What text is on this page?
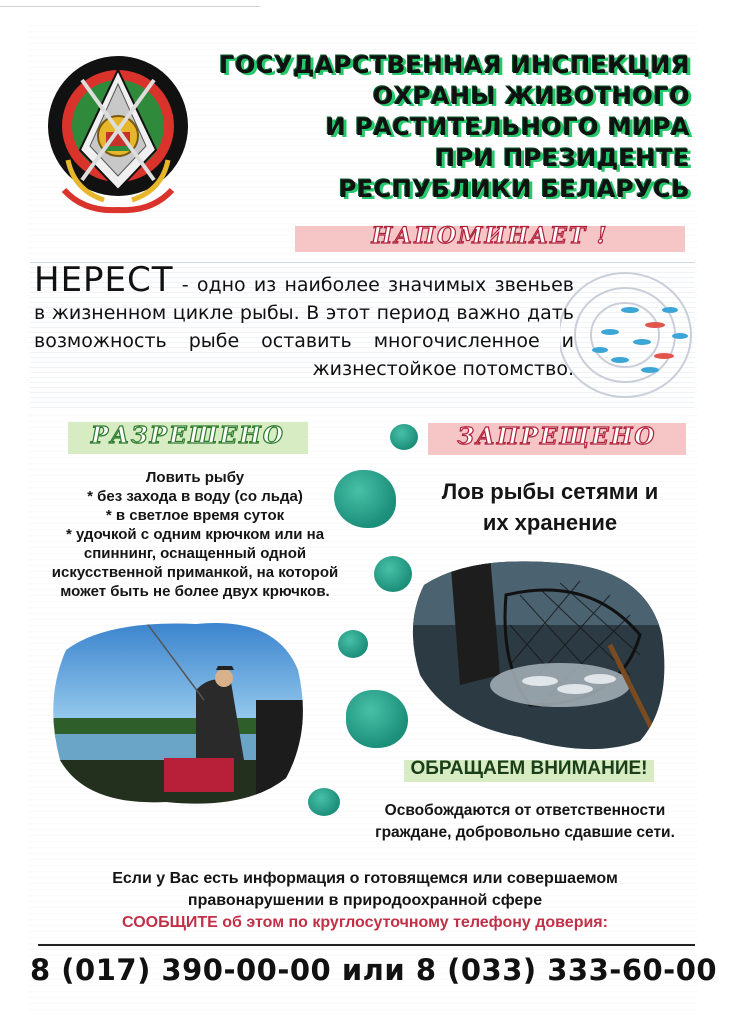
ГОСУДАРСТВЕННАЯ ИНСПЕКЦИЯ
ОХРАНЫ ЖИВОТНОГО
И РАСТИТЕЛЬНОГО МИРА
ПРИ ПРЕЗИДЕНТЕ
РЕСПУБЛИКИ БЕЛАРУСЬ
НАПОМИНАЕТ !
НЕРЕСТ - одно из наиболее значимых звеньев в жизненном цикле рыбы. В этот период важно дать возможность рыбе оставить многочисленное и жизнестойкое потомство.
РАЗРЕШЕНО	ЗАПРЕЩЕНО
Ловить рыбу
* без захода в воду (со льда)
* в светлое время суток
* удочкой с одним крючком или на
спиннинг, оснащенный одной
искусственной приманкой, на которой
может быть не более двух крючков.
Лов рыбы сетями и
их хранение
ОБРАЩАЕМ ВНИМАНИЕ!
Освобождаются от ответственности
граждане, добровольно сдавшие сети.
Если у Вас есть информация о готовящемся или совершаемом
правонарушении в природоохранной сфере
СООБЩИТЕ об этом по круглосуточному телефону доверия:
8 (017) 390-00-00 или 8 (033) 333-60-00
